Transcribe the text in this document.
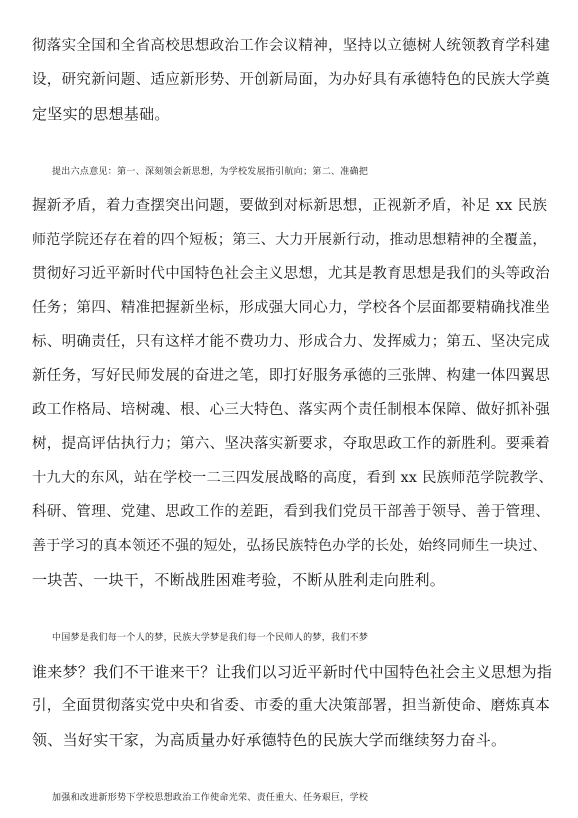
彻落实全国和全省高校思想政治工作会议精神，坚持以立德树人统领教育学科建
设，研究新问题、适应新形势、开创新局面，为办好具有承德特色的民族大学奠
定坚实的思想基础。
提出六点意见：第一、深刻领会新思想，为学校发展指引航向；第二、准确把
握新矛盾，着力查摆突出问题，要做到对标新思想，正视新矛盾，补足 xx 民族
师范学院还存在着的四个短板；第三、大力开展新行动，推动思想精神的全覆盖，
贯彻好习近平新时代中国特色社会主义思想，尤其是教育思想是我们的头等政治
任务；第四、精准把握新坐标，形成强大同心力，学校各个层面都要精确找准坐
标、明确责任，只有这样才能不费功力、形成合力、发挥威力；第五、坚决完成
新任务，写好民师发展的奋进之笔，即打好服务承德的三张牌、构建一体四翼思
政工作格局、培树魂、根、心三大特色、落实两个责任制根本保障、做好抓补强
树，提高评估执行力；第六、坚决落实新要求，夺取思政工作的新胜利。要乘着
十九大的东风，站在学校一二三四发展战略的高度，看到 xx 民族师范学院教学、
科研、管理、党建、思政工作的差距，看到我们党员干部善于领导、善于管理、
善于学习的真本领还不强的短处，弘扬民族特色办学的长处，始终同师生一块过、
一块苦、一块干，不断战胜困难考验，不断从胜利走向胜利。
中国梦是我们每一个人的梦，民族大学梦是我们每一个民师人的梦，我们不梦
谁来梦？我们不干谁来干？让我们以习近平新时代中国特色社会主义思想为指
引，全面贯彻落实党中央和省委、市委的重大决策部署，担当新使命、磨炼真本
领、当好实干家，为高质量办好承德特色的民族大学而继续努力奋斗。
加强和改进新形势下学校思想政治工作使命光荣、责任重大、任务艰巨，学校
